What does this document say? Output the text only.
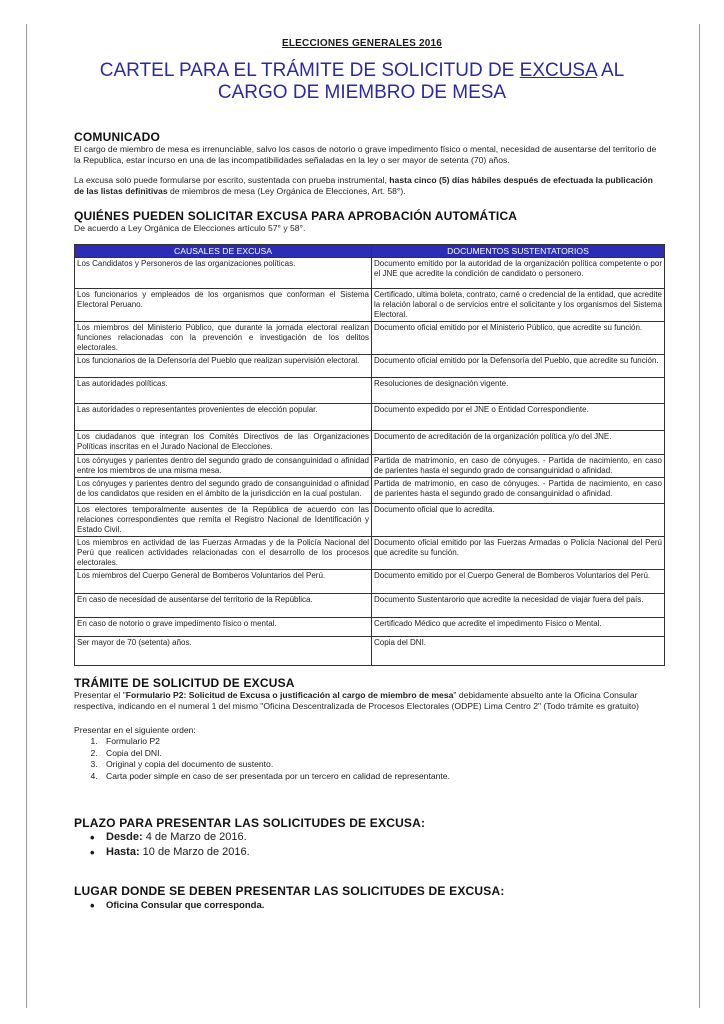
ELECCIONES GENERALES 2016
CARTEL PARA EL TRÁMITE DE SOLICITUD DE EXCUSA AL CARGO DE MIEMBRO DE MESA
COMUNICADO
El cargo de miembro de mesa es irrenunciable, salvo los casos de notorio o grave impedimento físico o mental, necesidad de ausentarse del territorio de la Republica, estar incurso en una de las incompatibilidades señaladas en la ley o ser mayor de setenta (70) años.
La excusa solo puede formularse por escrito, sustentada con prueba instrumental, hasta cinco (5) días hábiles después de efectuada la publicación de las listas definitivas de miembros de mesa (Ley Orgánica de Elecciones, Art. 58°).
QUIÉNES PUEDEN SOLICITAR EXCUSA PARA APROBACIÓN AUTOMÁTICA
De acuerdo a Ley Orgánica de Elecciones artículo 57° y 58°.
CAUSALES DE EXCUSA	DOCUMENTOS SUSTENTATORIOS
Los Candidatos y Personeros de las organizaciones políticas.	Documento emitido por la autoridad de la organización política competente o por el JNE que acredite la condición de candidato o personero.
Los funcionarios y empleados de los organismos que conforman el Sistema Electoral Peruano.	Certificado, ultima boleta, contrato, carné o credencial de la entidad, que acredite la relación laboral o de servicios entre el solicitante y los organismos del Sistema Electoral.
Los miembros del Ministerio Público, que durante la jornada electoral realizan funciones relacionadas con la prevención e investigación de los delitos electorales.	Documento oficial emitido por el Ministerio Público, que acredite su función.
Los funcionarios de la Defensoría del Pueblo que realizan supervisión electoral.	Documento oficial emitido por la Defensoría del Pueblo, que acredite su función.
Las autoridades políticas.	Resoluciones de designación vigente.
Las autoridades o representantes provenientes de elección popular.	Documento expedido por el JNE o Entidad Correspondiente.
Los ciudadanos que integran los Comités Directivos de las Organizaciones Políticas inscritas en el Jurado Nacional de Elecciones.	Documento de acreditación de la organización política y/o del JNE.
Los cónyuges y parientes dentro del segundo grado de consanguinidad o afinidad entre los miembros de una misma mesa.	Partida de matrimonio, en caso de cónyuges. - Partida de nacimiento, en caso de parientes hasta el segundo grado de consanguinidad o afinidad.
Los cónyuges y parientes dentro del segundo grado de consanguinidad o afinidad de los candidatos que residen en el ámbito de la jurisdicción en la cual postulan.	Partida de matrimonio, en caso de cónyuges. - Partida de nacimiento, en caso de parientes hasta el segundo grado de consanguinidad o afinidad.
Los electores temporalmente ausentes de la República de acuerdo con las relaciones correspondientes que remita el Registro Nacional de Identificación y Estado Civil.	Documento oficial que lo acredita.
Los miembros en actividad de las Fuerzas Armadas y de la Policía Nacional del Perú que realicen actividades relacionadas con el desarrollo de los procesos electorales.	Documento oficial emitido por las Fuerzas Armadas o Policía Nacional del Perú que acredite su función.
Los miembros del Cuerpo General de Bomberos Voluntarios del Perú.	Documento emitido por el Cuerpo General de Bomberos Voluntarios del Perú.
En caso de necesidad de ausentarse del territorio de la República.	Documento Sustentarorio que acredite la necesidad de viajar fuera del país.
En caso de notorio o grave impedimento físico o mental.	Certificado Médico que acredite el impedimento Físico o Mental.
Ser mayor de 70 (setenta) años.	Copia del DNI.
TRÁMITE DE SOLICITUD DE EXCUSA
Presentar el "Formulario P2: Solicitud de Excusa o justificación al cargo de miembro de mesa" debidamente absuelto ante la Oficina Consular respectiva, indicando en el numeral 1 del mismo "Oficina Descentralizada de Procesos Electorales (ODPE) Lima Centro 2" (Todo trámite es gratuito)
Presentar en el siguiente orden:
1. Formulario P2
2. Copia del DNI.
3. Original y copia del documento de sustento.
4. Carta poder simple en caso de ser presentada por un tercero en calidad de representante.
PLAZO PARA PRESENTAR LAS SOLICITUDES DE EXCUSA:
• Desde: 4 de Marzo de 2016.
• Hasta: 10 de Marzo de 2016.
LUGAR DONDE SE DEBEN PRESENTAR LAS SOLICITUDES DE EXCUSA:
• Oficina Consular que corresponda.
